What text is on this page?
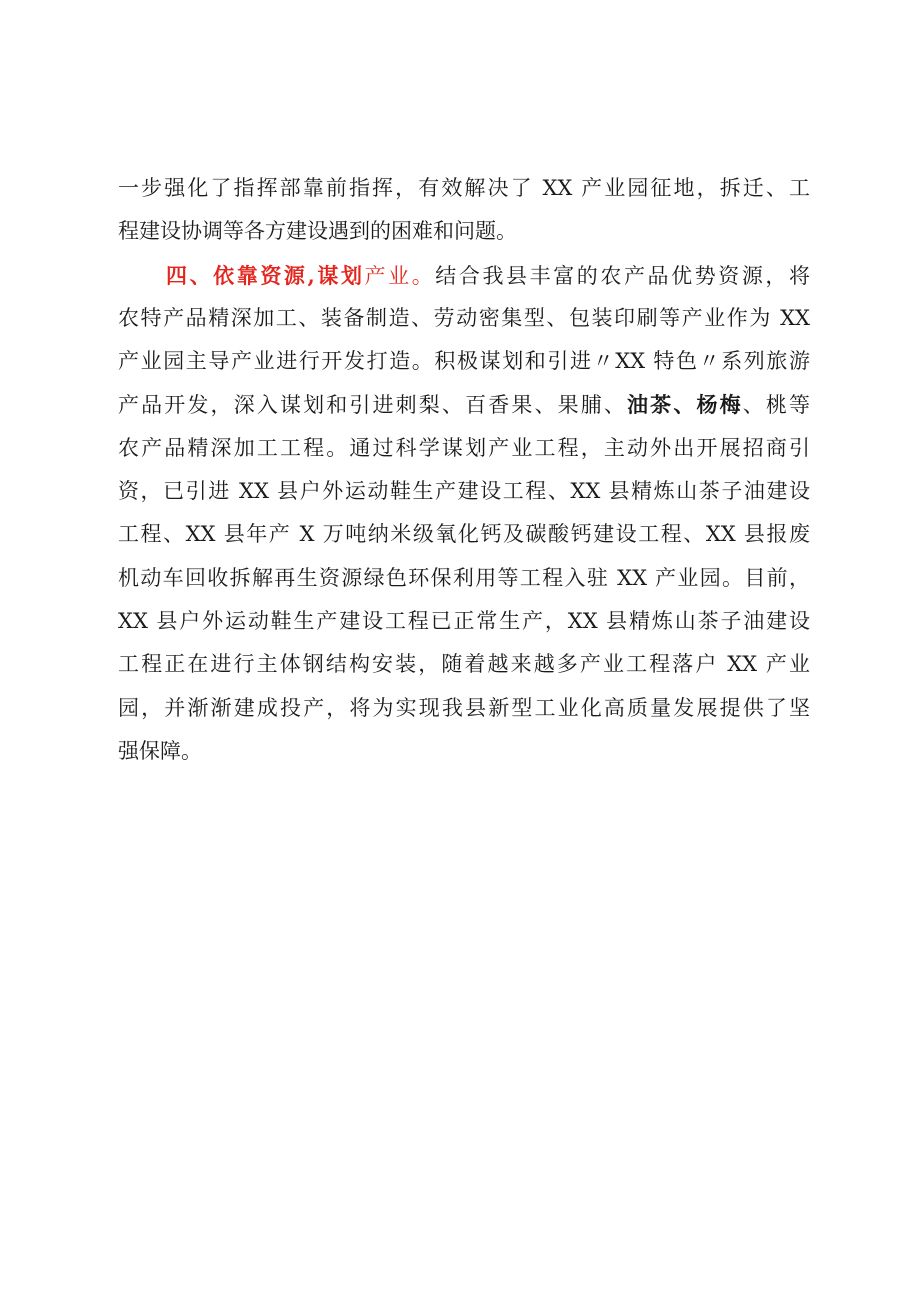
一步强化了指挥部靠前指挥，有效解决了 XX 产业园征地，拆迁、工
程建设协调等各方建设遇到的困难和问题。
四、依靠资源,谋划产业。结合我县丰富的农产品优势资源，将
农特产品精深加工、装备制造、劳动密集型、包装印刷等产业作为 XX
产业园主导产业进行开发打造。积极谋划和引进〃XX 特色〃系列旅游
产品开发，深入谋划和引进刺梨、百香果、果脯、油茶、杨梅、桃等
农产品精深加工工程。通过科学谋划产业工程，主动外出开展招商引
资，已引进 XX 县户外运动鞋生产建设工程、XX 县精炼山茶子油建设
工程、XX 县年产 X 万吨纳米级氧化钙及碳酸钙建设工程、XX 县报废
机动车回收拆解再生资源绿色环保利用等工程入驻 XX 产业园。目前，
XX 县户外运动鞋生产建设工程已正常生产，XX 县精炼山茶子油建设
工程正在进行主体钢结构安装，随着越来越多产业工程落户 XX 产业
园，并渐渐建成投产，将为实现我县新型工业化高质量发展提供了坚
强保障。
